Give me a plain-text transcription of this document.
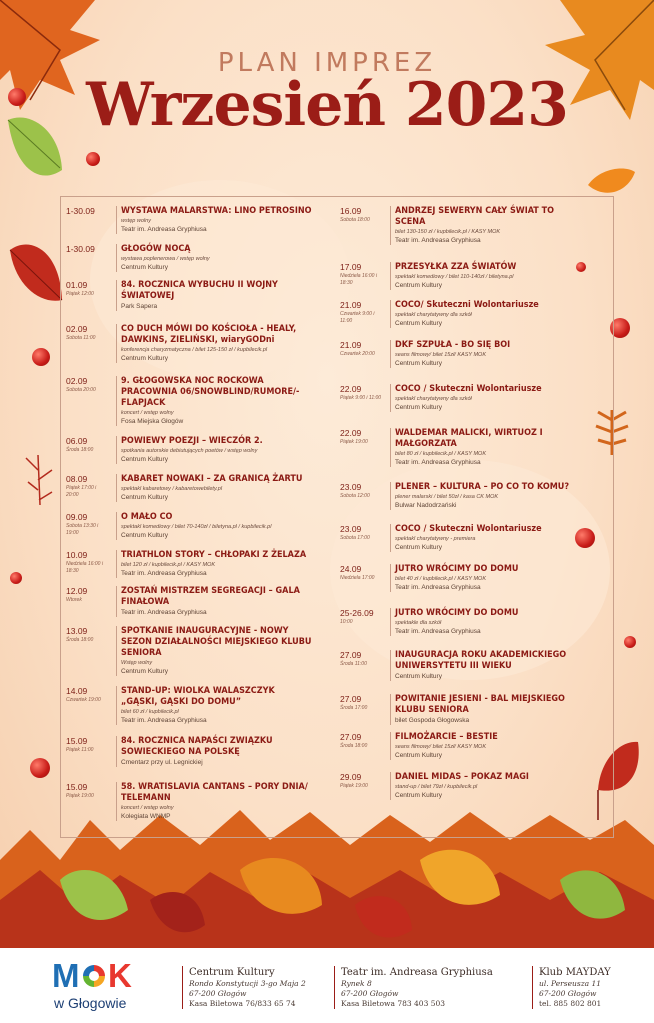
PLAN IMPREZ
Wrzesień 2023
1-30.09	WYSTAWA MALARSTWA: LINO PETROSINO
wstęp wolny
Teatr im. Andreasa Gryphiusa
1-30.09	GŁOGÓW NOCĄ
wystawa poplenerowa / wstęp wolny
Centrum Kultury
01.09
Piątek 12:00
84. ROCZNICA WYBUCHU II WOJNY ŚWIATOWEJ
Park Sapera
02.09
Sobota 11:00
CO DUCH MÓWI DO KOŚCIOŁA - HEALY, DAWKINS, ZIELIŃSKI, wiaryGODni
konferencja charyzmatyczna / bilet 125-150 zł / kupbilecik.pl
Centrum Kultury
02.09
Sobota 20:00
9. GŁOGOWSKA NOC ROCKOWA PRACOWNIA 06/SNOWBLIND/RUMORE/-FLAPJACK
koncert / wstęp wolny
Fosa Miejska Głogów
06.09
Środa 18:00
POWIEWY POEZJI – WIECZÓR 2.
spotkania autorskie debiutujących poetów / wstęp wolny
Centrum Kultury
08.09
Piątek 17:00 i 20:00
KABARET NOWAKI – ZA GRANICĄ ŻARTU
spektakl kabaretowy / kabaretowebilety.pl
Centrum Kultury
09.09
Sobota 13:30 i 19:00
O MAŁO CO
spektakl komediowy / bilet 70-140zł / biletyna.pl / kupbilecik.pl
Centrum Kultury
10.09
Niedziela 16:00 i 18:30
TRIATHLON STORY – CHŁOPAKI Z ŻELAZA
bilet 120 zł / kupbilecik.pl / KASY MOK
Teatr im. Andreasa Gryphiusa
12.09
Wtorek
ZOSTAŃ MISTRZEM SEGREGACJI – GALA FINAŁOWA
Teatr im. Andreasa Gryphiusa
13.09
Środa 18:00
SPOTKANIE INAUGURACYJNE - NOWY SEZON DZIAŁALNOŚCI MIEJSKIEGO KLUBU SENIORA
Wstęp wolny
Centrum Kultury
14.09
Czwartek 19:00
STAND-UP: WIOLKA WALASZCZYK „GĄSKI, GĄSKI DO DOMU”
bilet 60 zł / kupbilecik.pl
Teatr im. Andreasa Gryphiusa
15.09
Piątek 11:00
84. ROCZNICA NAPAŚCI ZWIĄZKU SOWIECKIEGO NA POLSKĘ
Cmentarz przy ul. Legnickiej
15.09
Piątek 19:00
58. WRATISLAVIA CANTANS – PORY DNIA/ TELEMANN
koncert / wstęp wolny
Kolegiata WNMP
16.09
Sobota 18:00
ANDRZEJ SEWERYN CAŁY ŚWIAT TO SCENA
bilet 130-150 zł / kupbilecik.pl / KASY MOK
Teatr im. Andreasa Gryphiusa
17.09
Niedziela 16:00 i 18:30
PRZESYŁKA ZZA ŚWIATÓW
spektakl komediowy / bilet 110-140zł / biletyna.pl
Centrum Kultury
21.09
Czwartek 9:00 i 11:00
COCO/ Skuteczni Wolontariusze
spektakl charytatywny dla szkół
Centrum Kultury
21.09
Czwartek 20:00
DKF SZPUŁA - BO SIĘ BOI
seans filmowy/ bilet 15zł/ KASY MOK
Centrum Kultury
22.09
Piątek 9:00 i 11:00
COCO / Skuteczni Wolontariusze
spektakl charytatywny dla szkół
Centrum Kultury
22.09
Piątek 19:00
WALDEMAR MALICKI, WIRTUOZ I MAŁGORZATA
bilet 80 zł / kupbilecik.pl / KASY MOK
Teatr im. Andreasa Gryphiusa
23.09
Sobota 12:00
PLENER – KULTURA – PO CO TO KOMU?
plener malarski / bilet 50zł / kasa CK MOK
Bulwar Nadodrzański
23.09
Sobota 17:00
COCO / Skuteczni Wolontariusze
spektakl charytatywny - premiera
Centrum Kultury
24.09
Niedziela 17:00
JUTRO WRÓCIMY DO DOMU
bilet 40 zł / kupbilecik.pl / KASY MOK
Teatr im. Andreasa Gryphiusa
25-26.09
10:00
JUTRO WRÓCIMY DO DOMU
spektakle dla szkół
Teatr im. Andreasa Gryphiusa
27.09
Środa 11:00
INAUGURACJA ROKU AKADEMICKIEGO UNIWERSYTETU III WIEKU
Centrum Kultury
27.09
Środa 17:00
POWITANIE JESIENI - BAL MIEJSKIEGO KLUBU SENIORA
bilet Gospoda Głogowska
27.09
Środa 18:00
FILMOŻARCIE – BESTIE
seans filmowy/ bilet 15zł/ KASY MOK
Centrum Kultury
29.09
Piątek 19:00
DANIEL MIDAS – POKAZ MAGI
stand-up / bilet 79zł / kupbilecik.pl
Centrum Kultury
M K
w Głogowie
Centrum Kultury
Rondo Konstytucji 3-go Maja 2
67-200 Głogów
Kasa Biletowa 76/833 65 74
Teatr im. Andreasa Gryphiusa
Rynek 8
67-200 Głogów
Kasa Biletowa 783 403 503
Klub MAYDAY
ul. Perseusza 11
67-200 Głogów
tel. 885 802 801
